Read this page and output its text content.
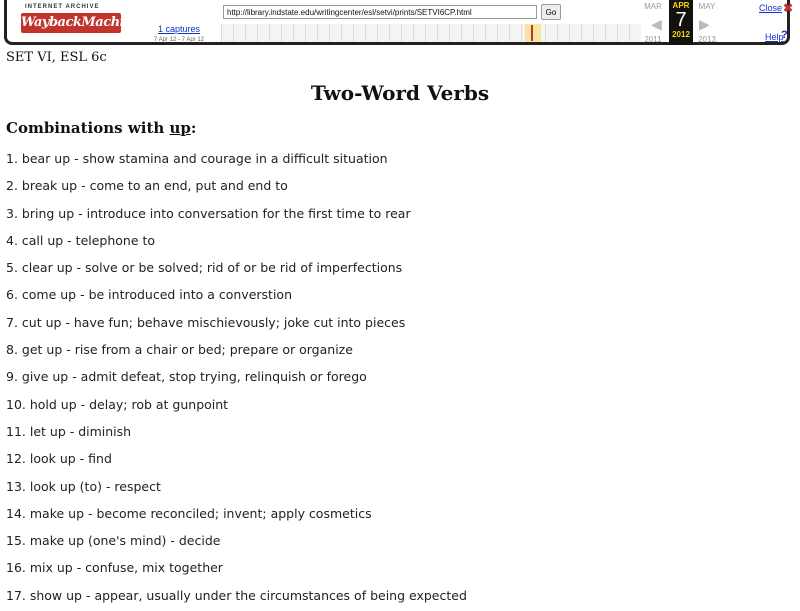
INTERNET ARCHIVE
WaybackMachine	1 captures
7 Apr 12 - 7 Apr 12
http://library.indstate.edu/writingcenter/esl/setvi/prints/SETVI6CP.html
Go
MAR	MAY
◀	▶
2011	2013
APR
7
2012
Close ✖
Help
?
SET VI, ESL 6c
Two-Word Verbs
Combinations with up:
1. bear up - show stamina and courage in a difficult situation
2. break up - come to an end, put and end to
3. bring up - introduce into conversation for the first time to rear
4. call up - telephone to
5. clear up - solve or be solved; rid of or be rid of imperfections
6. come up - be introduced into a converstion
7. cut up - have fun; behave mischievously; joke cut into pieces
8. get up - rise from a chair or bed; prepare or organize
9. give up - admit defeat, stop trying, relinquish or forego
10. hold up - delay; rob at gunpoint
11. let up - diminish
12. look up - find
13. look up (to) - respect
14. make up - become reconciled; invent; apply cosmetics
15. make up (one's mind) - decide
16. mix up - confuse, mix together
17. show up - appear, usually under the circumstances of being expected
